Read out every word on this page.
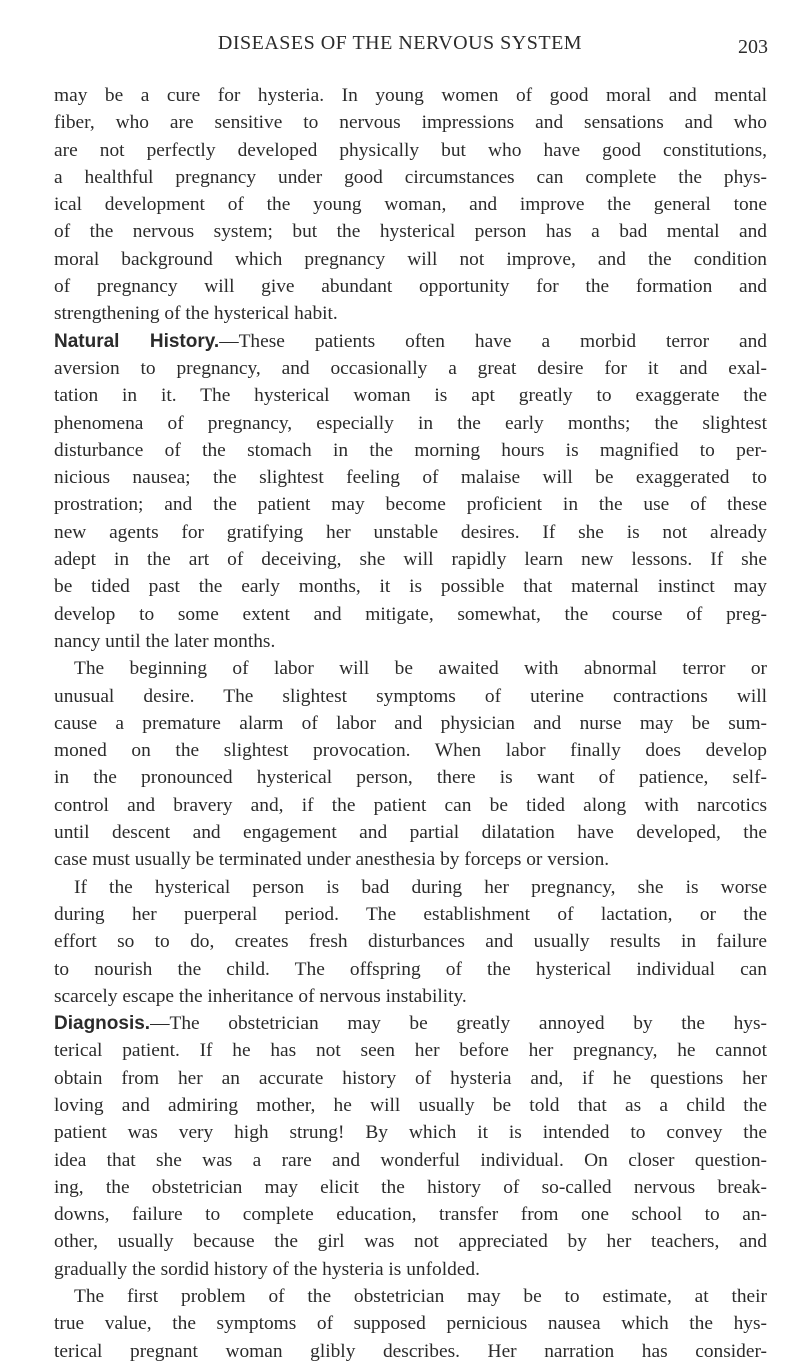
DISEASES OF THE NERVOUS SYSTEM	203
may be a cure for hysteria. In young women of good moral and mental
fiber, who are sensitive to nervous impressions and sensations and who
are not perfectly developed physically but who have good constitutions,
a healthful pregnancy under good circumstances can complete the phys-
ical development of the young woman, and improve the general tone
of the nervous system; but the hysterical person has a bad mental and
moral background which pregnancy will not improve, and the condition
of pregnancy will give abundant opportunity for the formation and
strengthening of the hysterical habit.
Natural History.—These patients often have a morbid terror and
aversion to pregnancy, and occasionally a great desire for it and exal-
tation in it. The hysterical woman is apt greatly to exaggerate the
phenomena of pregnancy, especially in the early months; the slightest
disturbance of the stomach in the morning hours is magnified to per-
nicious nausea; the slightest feeling of malaise will be exaggerated to
prostration; and the patient may become proficient in the use of these
new agents for gratifying her unstable desires. If she is not already
adept in the art of deceiving, she will rapidly learn new lessons. If she
be tided past the early months, it is possible that maternal instinct may
develop to some extent and mitigate, somewhat, the course of preg-
nancy until the later months.
The beginning of labor will be awaited with abnormal terror or
unusual desire. The slightest symptoms of uterine contractions will
cause a premature alarm of labor and physician and nurse may be sum-
moned on the slightest provocation. When labor finally does develop
in the pronounced hysterical person, there is want of patience, self-
control and bravery and, if the patient can be tided along with narcotics
until descent and engagement and partial dilatation have developed, the
case must usually be terminated under anesthesia by forceps or version.
If the hysterical person is bad during her pregnancy, she is worse
during her puerperal period. The establishment of lactation, or the
effort so to do, creates fresh disturbances and usually results in failure
to nourish the child. The offspring of the hysterical individual can
scarcely escape the inheritance of nervous instability.
Diagnosis.—The obstetrician may be greatly annoyed by the hys-
terical patient. If he has not seen her before her pregnancy, he cannot
obtain from her an accurate history of hysteria and, if he questions her
loving and admiring mother, he will usually be told that as a child the
patient was very high strung! By which it is intended to convey the
idea that she was a rare and wonderful individual. On closer question-
ing, the obstetrician may elicit the history of so-called nervous break-
downs, failure to complete education, transfer from one school to an-
other, usually because the girl was not appreciated by her teachers, and
gradually the sordid history of the hysteria is unfolded.
The first problem of the obstetrician may be to estimate, at their
true value, the symptoms of supposed pernicious nausea which the hys-
terical pregnant woman glibly describes. Her narration has consider-
